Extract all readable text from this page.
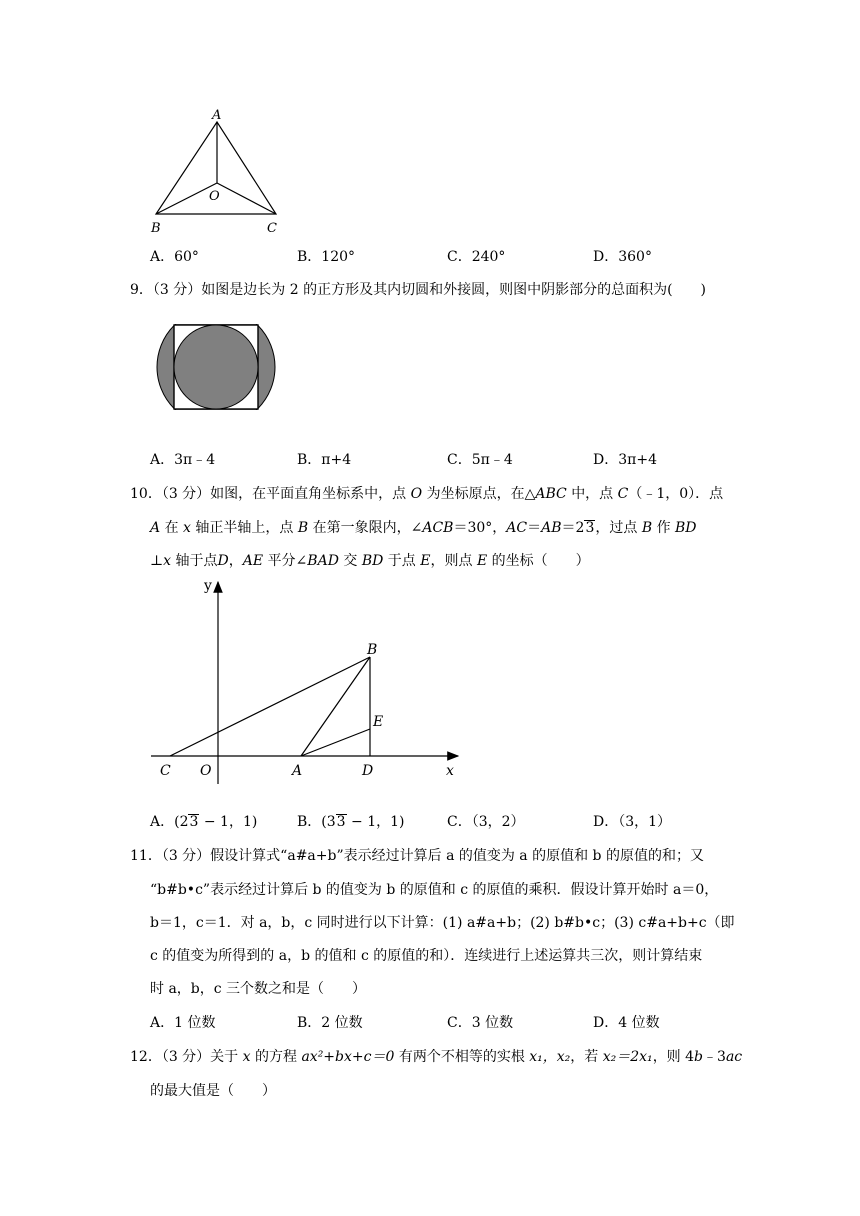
A
B	C
O
A．60°	B．120°	C．240°	D．360°
9．（3 分）如图是边长为 2 的正方形及其内切圆和外接圆，则图中阴影部分的总面积为(　　)
A．3π﹣4	B．π+4	C．5π﹣4	D．3π+4
10．（3 分）如图，在平面直角坐标系中，点 O 为坐标原点，在△ABC 中，点 C（﹣1，0）．点
A 在 x 轴正半轴上，点 B 在第一象限内，∠ACB＝30°，AC＝AB＝23，过点 B 作 BD
⊥x 轴于点D，AE 平分∠BAD 交 BD 于点 E，则点 E 的坐标（　　）
y
x
C O	A	D
B
E
A．(23 − 1，1)	B．(33 − 1，1)	C．（3，2）	D．（3，1）
11．（3 分）假设计算式“a#a+b”表示经过计算后 a 的值变为 a 的原值和 b 的原值的和；又
“b#b•c”表示经过计算后 b 的值变为 b 的原值和 c 的原值的乘积．假设计算开始时 a＝0，
b＝1，c＝1．对 a，b，c 同时进行以下计算：(1) a#a+b；(2) b#b•c；(3) c#a+b+c（即
c 的值变为所得到的 a，b 的值和 c 的原值的和）．连续进行上述运算共三次，则计算结束
时 a，b，c 三个数之和是（　　）
A．1 位数	B．2 位数	C．3 位数	D．4 位数
12．（3 分）关于 x 的方程 ax²+bx+c＝0 有两个不相等的实根 x₁，x₂，若 x₂＝2x₁，则 4b﹣3ac
的最大值是（　　）
